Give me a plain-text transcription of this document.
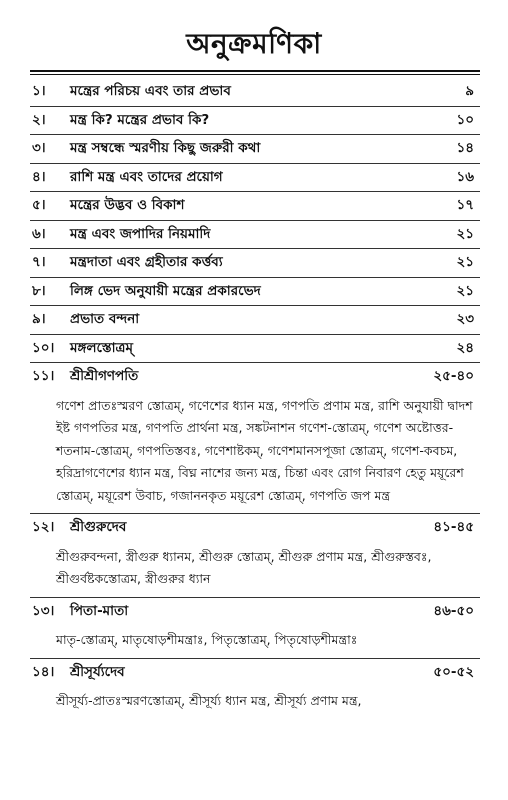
অনুক্রমণিকা
১।	মন্ত্রের পরিচয় এবং তার প্রভাব	৯
২।	মন্ত্র কি? মন্ত্রের প্রভাব কি?	১০
৩।	মন্ত্র সম্বন্ধে স্মরণীয় কিছু জরুরী কথা	১৪
৪।	রাশি মন্ত্র এবং তাদের প্রয়োগ	১৬
৫।	মন্ত্রের উদ্ভব ও বিকাশ	১৭
৬।	মন্ত্র এবং জপাদির নিয়মাদি	২১
৭।	মন্ত্রদাতা এবং গ্রহীতার কর্ত্তব্য	২১
৮।	লিঙ্গ ভেদ অনুযায়ী মন্ত্রের প্রকারভেদ	২১
৯।	প্রভাত বন্দনা	২৩
১০।	মঙ্গলস্তোত্রম্	২৪
১১।	শ্রীশ্রীগণপতি	২৫-৪০
গণেশ প্রাতঃস্মরণ স্তোত্রম্, গণেশের ধ্যান মন্ত্র, গণপতি প্রণাম মন্ত্র, রাশি অনুযায়ী দ্বাদশ ইষ্ট গণপতির মন্ত্র, গণপতি প্রার্থনা মন্ত্র, সঙ্কটনাশন গণেশ-স্তোত্রম্, গণেশ অষ্টোত্তর-শতনাম-স্তোত্রম্, গণপতিস্তবঃ, গণেশাষ্টকম্, গণেশমানসপূজা স্তোত্রম্, গণেশ-কবচম, হরিদ্রাগণেশের ধ্যান মন্ত্র, বিঘ্ন নাশের জন্য মন্ত্র, চিন্তা এবং রোগ নিবারণ হেতু ময়ূরেশ স্তোত্রম্, ময়ূরেশ উবাচ, গজাননকৃত ময়ূরেশ স্তোত্রম্, গণপতি জপ মন্ত্র
১২।	শ্রীগুরুদেব	৪১-৪৫
শ্রীগুরুবন্দনা, স্ত্রীগুরু ধ্যানম, শ্রীগুরু স্তোত্রম্, শ্রীগুরু প্রণাম মন্ত্র, শ্রীগুরুস্তবঃ, শ্রীগুর্বষ্টকস্তোত্রম, স্ত্রীগুরুর ধ্যান
১৩।	পিতা-মাতা	৪৬-৫০
মাতৃ-স্তোত্রম্, মাতৃষোড়শীমন্ত্রাঃ, পিতৃস্তোত্রম্, পিতৃষোড়শীমন্ত্রাঃ
১৪।	শ্রীসূর্য্যদেব	৫০-৫২
শ্রীসূর্য্য-প্রাতঃস্মরণস্তোত্রম্, শ্রীসূর্য্য ধ্যান মন্ত্র, শ্রীসূর্য্য প্রণাম মন্ত্র,
